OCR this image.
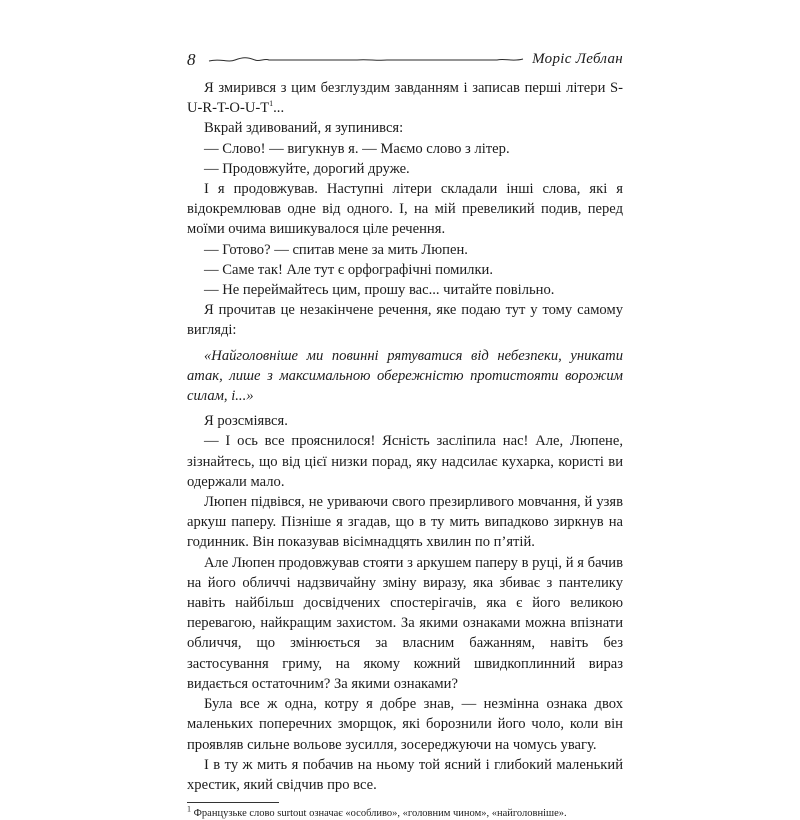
8	Моріс Леблан

Я змирився з цим безглуздим завданням і записав перші літери $S-U-R-T-O-U-T^1$...

Вкрай здивований, я зупинився:

— Слово! — вигукнув я. — Маємо слово з літер.

— Продовжуйте, дорогий друже.

І я продовжував. Наступні літери складали інші слова, які я відокремлював одне від одного. І, на мій превеликий подив, перед моїми очима вишикувалося ціле речення.

— Готово? — спитав мене за мить Люпен.

— Саме так! Але тут є орфографічні помилки.

— Не переймайтесь цим, прошу вас... читайте повільно.

Я прочитав це незакінчене речення, яке подаю тут у тому самому вигляді:

«Найголовніше ми повинні рятуватися від небезпеки, уникати атак, лише з максимальною обережністю протистояти ворожим силам, і...»

Я розсміявся.

— І ось все прояснилося! Ясність засліпила нас! Але, Люпене, зізнайтесь, що від цієї низки порад, яку надсилає кухарка, користі ви одержали мало.

Люпен підвівся, не уриваючи свого презирливого мовчання, й узяв аркуш паперу. Пізніше я згадав, що в ту мить випадково зиркнув на годинник. Він показував вісімнадцять хвилин по п’ятій.

Але Люпен продовжував стояти з аркушем паперу в руці, й я бачив на його обличчі надзвичайну зміну виразу, яка збиває з пантелику навіть найбільш досвідчених спостерігачів, яка є його великою перевагою, найкращим захистом. За якими ознаками можна впізнати обличчя, що змінюється за власним бажанням, навіть без застосування гриму, на якому кожний швидкоплинний вираз видається остаточним? За якими ознаками?

Була все ж одна, котру я добре знав, — незмінна ознака двох маленьких поперечних зморщок, які борознили його чоло, коли він проявляв сильне вольове зусилля, зосереджуючи на чомусь увагу.

І в ту ж мить я побачив на ньому той ясний і глибокий маленький хрестик, який свідчив про все.

$^1$ Французьке слово surtout означає «особливо», «головним чином», «найголовніше».
